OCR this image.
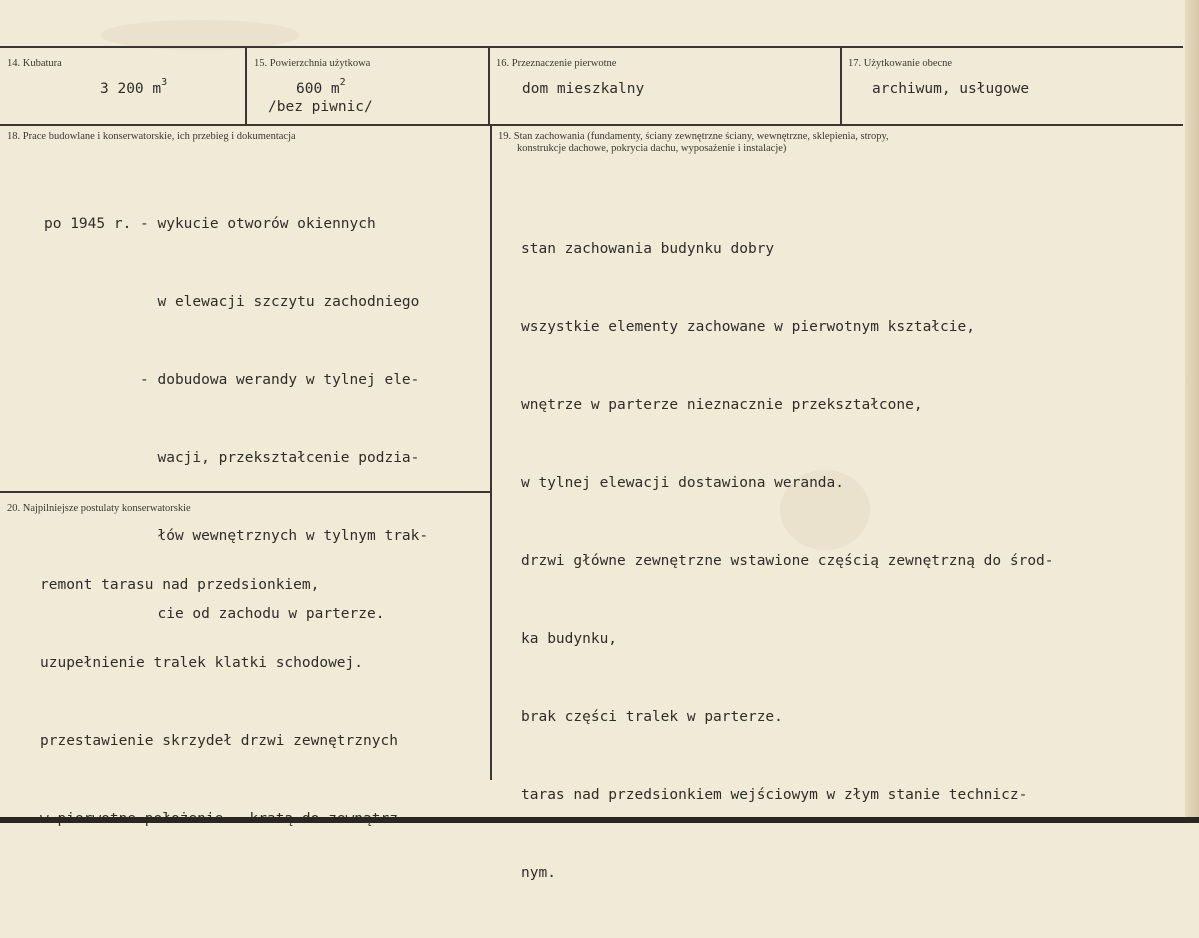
14. Kubatura
3 200 $m^3$
15. Powierzchnia użytkowa
600 $m^2$
/bez piwnic/
16. Przeznaczenie pierwotne
dom mieszkalny
17. Użytkowanie obecne
archiwum, usługowe
18. Prace budowlane i konserwatorskie, ich przebieg i dokumentacja

po 1945 r. - wykucie otworów okiennych

w elewacji szczytu zachodniego

- dobudowa werandy w tylnej ele-

wacji, przekształcenie podzia-

łów wewnętrznych w tylnym trak-

cie od zachodu w parterze.

19. Stan zachowania (fundamenty, ściany zewnętrzne ściany, wewnętrzne, sklepienia, stropy,
konstrukcje dachowe, pokrycia dachu, wyposażenie i instalacje)

stan zachowania budynku dobry

wszystkie elementy zachowane w pierwotnym kształcie,

wnętrze w parterze nieznacznie przekształcone,

w tylnej elewacji dostawiona weranda.

drzwi główne zewnętrzne wstawione częścią zewnętrzną do środ-

ka budynku,

brak części tralek w parterze.

taras nad przedsionkiem wejściowym w złym stanie technicz-

nym.

20. Najpilniejsze postulaty konserwatorskie

remont tarasu nad przedsionkiem,

uzupełnienie tralek klatki schodowej.

przestawienie skrzydeł drzwi zewnętrznych
